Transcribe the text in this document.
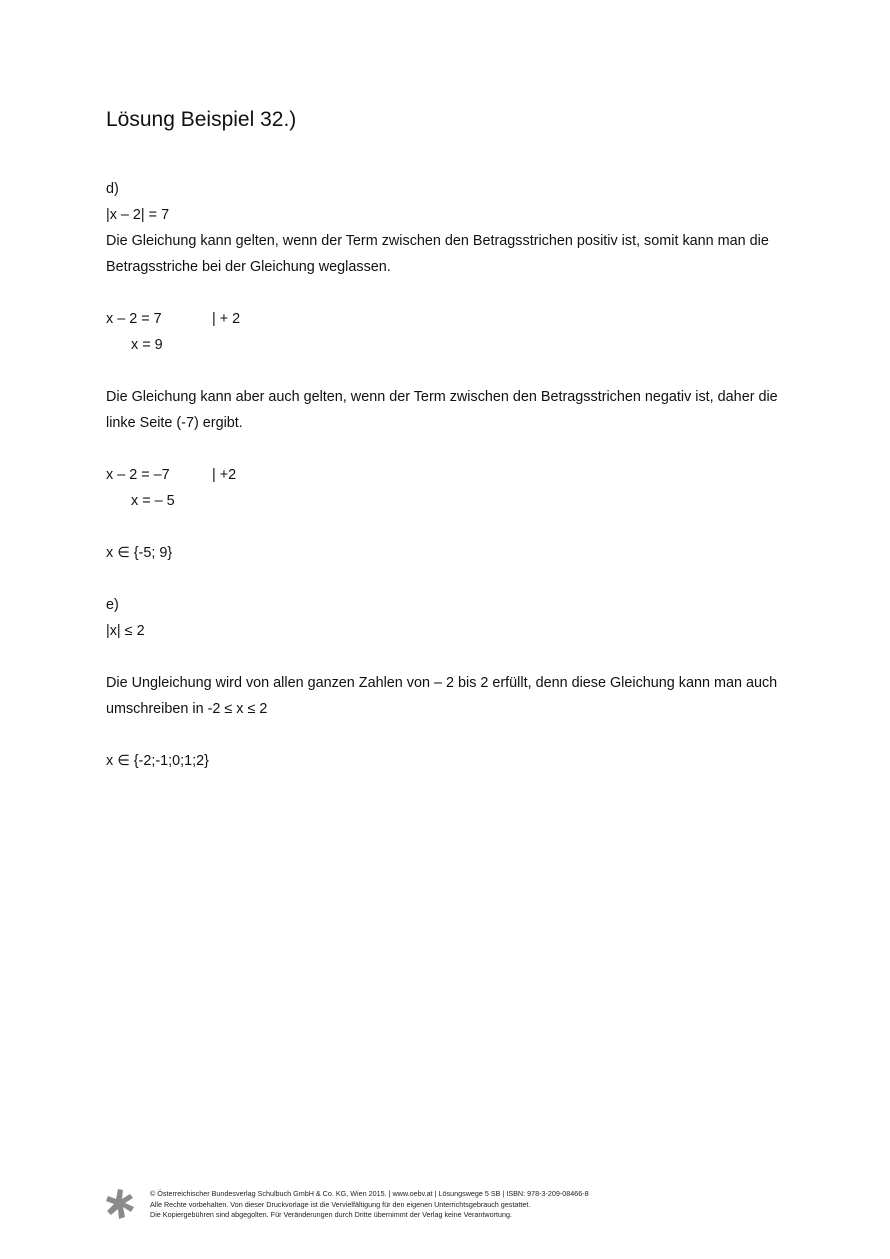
Lösung Beispiel 32.)

d)

|x – 2| = 7

Die Gleichung kann gelten, wenn der Term zwischen den Betragsstrichen positiv ist, somit kann man die

Betragsstriche bei der Gleichung weglassen.

x – 2 = 7	| + 2

x = 9

Die Gleichung kann aber auch gelten, wenn der Term zwischen den Betragsstrichen negativ ist, daher die

linke Seite (-7) ergibt.

x – 2 = –7	| +2

x = – 5

x ∈ {-5; 9}

e)

|x| ≤ 2

Die Ungleichung wird von allen ganzen Zahlen von – 2 bis 2 erfüllt, denn diese Gleichung kann man auch

umschreiben in -2 ≤ x ≤ 2

x ∈ {-2;-1;0;1;2}

© Österreichischer Bundesverlag Schulbuch GmbH & Co. KG, Wien 2015. | www.oebv.at | Lösungswege 5 SB | ISBN: 978-3-209-08466-8
Alle Rechte vorbehalten. Von dieser Druckvorlage ist die Vervielfältigung für den eigenen Unterrichtsgebrauch gestattet.
Die Kopiergebühren sind abgegolten. Für Veränderungen durch Dritte übernimmt der Verlag keine Verantwortung.
